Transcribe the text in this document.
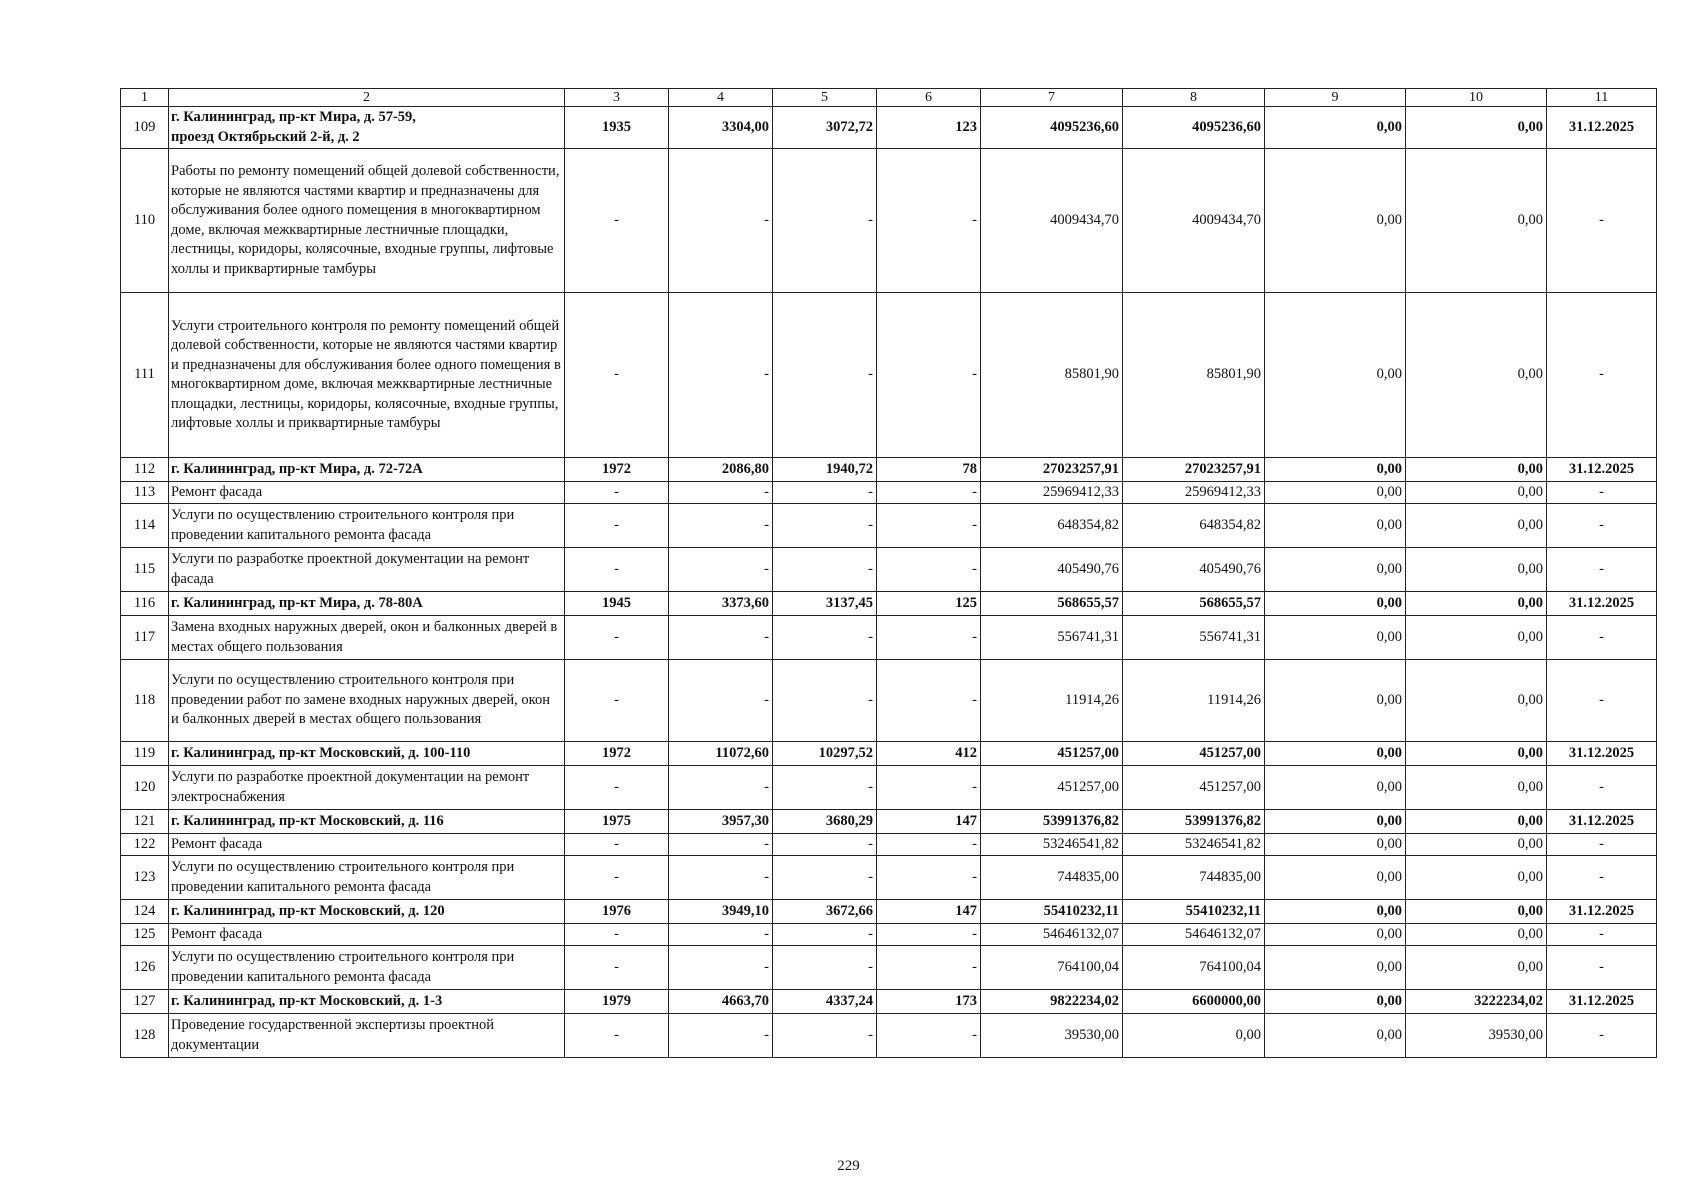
1	2	3	4	5	6	7	8	9	10	11
109	г. Калининград, пр-кт Мира, д. 57-59,
проезд Октябрьский 2-й, д. 2	1935	3304,00	3072,72	123	4095236,60	4095236,60	0,00	0,00	31.12.2025
110	Работы по ремонту помещений общей долевой собственности, которые не являются частями квартир и предназначены для обслуживания более одного помещения в многоквартирном доме, включая межквартирные лестничные площадки, лестницы, коридоры, колясочные, входные группы, лифтовые холлы и приквартирные тамбуры	-	-	-	-	4009434,70	4009434,70	0,00	0,00	-
111	Услуги строительного контроля по ремонту помещений общей долевой собственности, которые не являются частями квартир и предназначены для обслуживания более одного помещения в многоквартирном доме, включая межквартирные лестничные площадки, лестницы, коридоры, колясочные, входные группы, лифтовые холлы и приквартирные тамбуры	-	-	-	-	85801,90	85801,90	0,00	0,00	-
112	г. Калининград, пр-кт Мира, д. 72-72А	1972	2086,80	1940,72	78	27023257,91	27023257,91	0,00	0,00	31.12.2025
113	Ремонт фасада	-	-	-	-	25969412,33	25969412,33	0,00	0,00	-
114	Услуги по осуществлению строительного контроля при проведении капитального ремонта фасада	-	-	-	-	648354,82	648354,82	0,00	0,00	-
115	Услуги по разработке проектной документации на ремонт фасада	-	-	-	-	405490,76	405490,76	0,00	0,00	-
116	г. Калининград, пр-кт Мира, д. 78-80А	1945	3373,60	3137,45	125	568655,57	568655,57	0,00	0,00	31.12.2025
117	Замена входных наружных дверей, окон и балконных дверей в местах общего пользования	-	-	-	-	556741,31	556741,31	0,00	0,00	-
118	Услуги по осуществлению строительного контроля при проведении работ по замене входных наружных дверей, окон и балконных дверей в местах общего пользования	-	-	-	-	11914,26	11914,26	0,00	0,00	-
119	г. Калининград, пр-кт Московский, д. 100-110	1972	11072,60	10297,52	412	451257,00	451257,00	0,00	0,00	31.12.2025
120	Услуги по разработке проектной документации на ремонт электроснабжения	-	-	-	-	451257,00	451257,00	0,00	0,00	-
121	г. Калининград, пр-кт Московский, д. 116	1975	3957,30	3680,29	147	53991376,82	53991376,82	0,00	0,00	31.12.2025
122	Ремонт фасада	-	-	-	-	53246541,82	53246541,82	0,00	0,00	-
123	Услуги по осуществлению строительного контроля при проведении капитального ремонта фасада	-	-	-	-	744835,00	744835,00	0,00	0,00	-
124	г. Калининград, пр-кт Московский, д. 120	1976	3949,10	3672,66	147	55410232,11	55410232,11	0,00	0,00	31.12.2025
125	Ремонт фасада	-	-	-	-	54646132,07	54646132,07	0,00	0,00	-
126	Услуги по осуществлению строительного контроля при проведении капитального ремонта фасада	-	-	-	-	764100,04	764100,04	0,00	0,00	-
127	г. Калининград, пр-кт Московский, д. 1-3	1979	4663,70	4337,24	173	9822234,02	6600000,00	0,00	3222234,02	31.12.2025
128	Проведение государственной экспертизы проектной документации	-	-	-	-	39530,00	0,00	0,00	39530,00	-
229
